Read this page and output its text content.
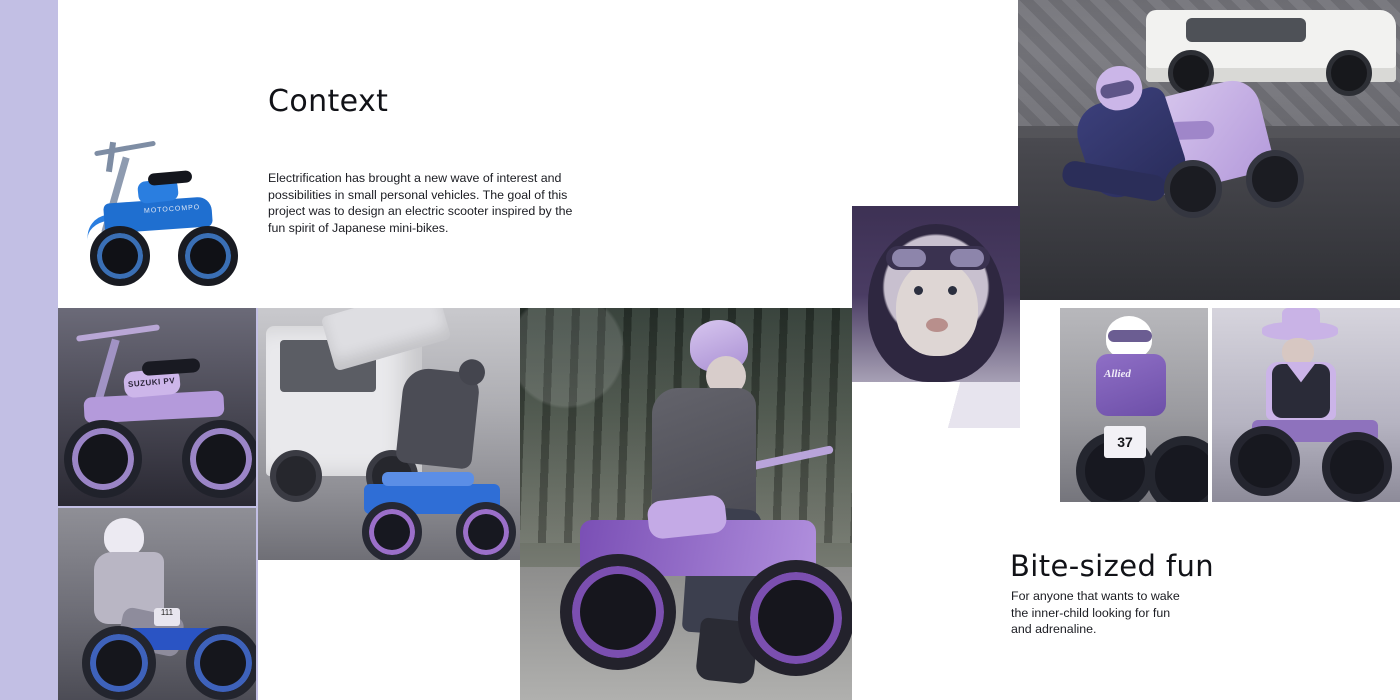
MOTOCOMPO
SUZUKI PV
111
Allied
37
Context

Electrification has brought a new wave of interest and possibilities in small personal vehicles. The goal of this project was to design an electric scooter inspired by the fun spirit of Japanese mini-bikes.

Bite-sized fun

For anyone that wants to wake the inner-child looking for fun and adrenaline.
